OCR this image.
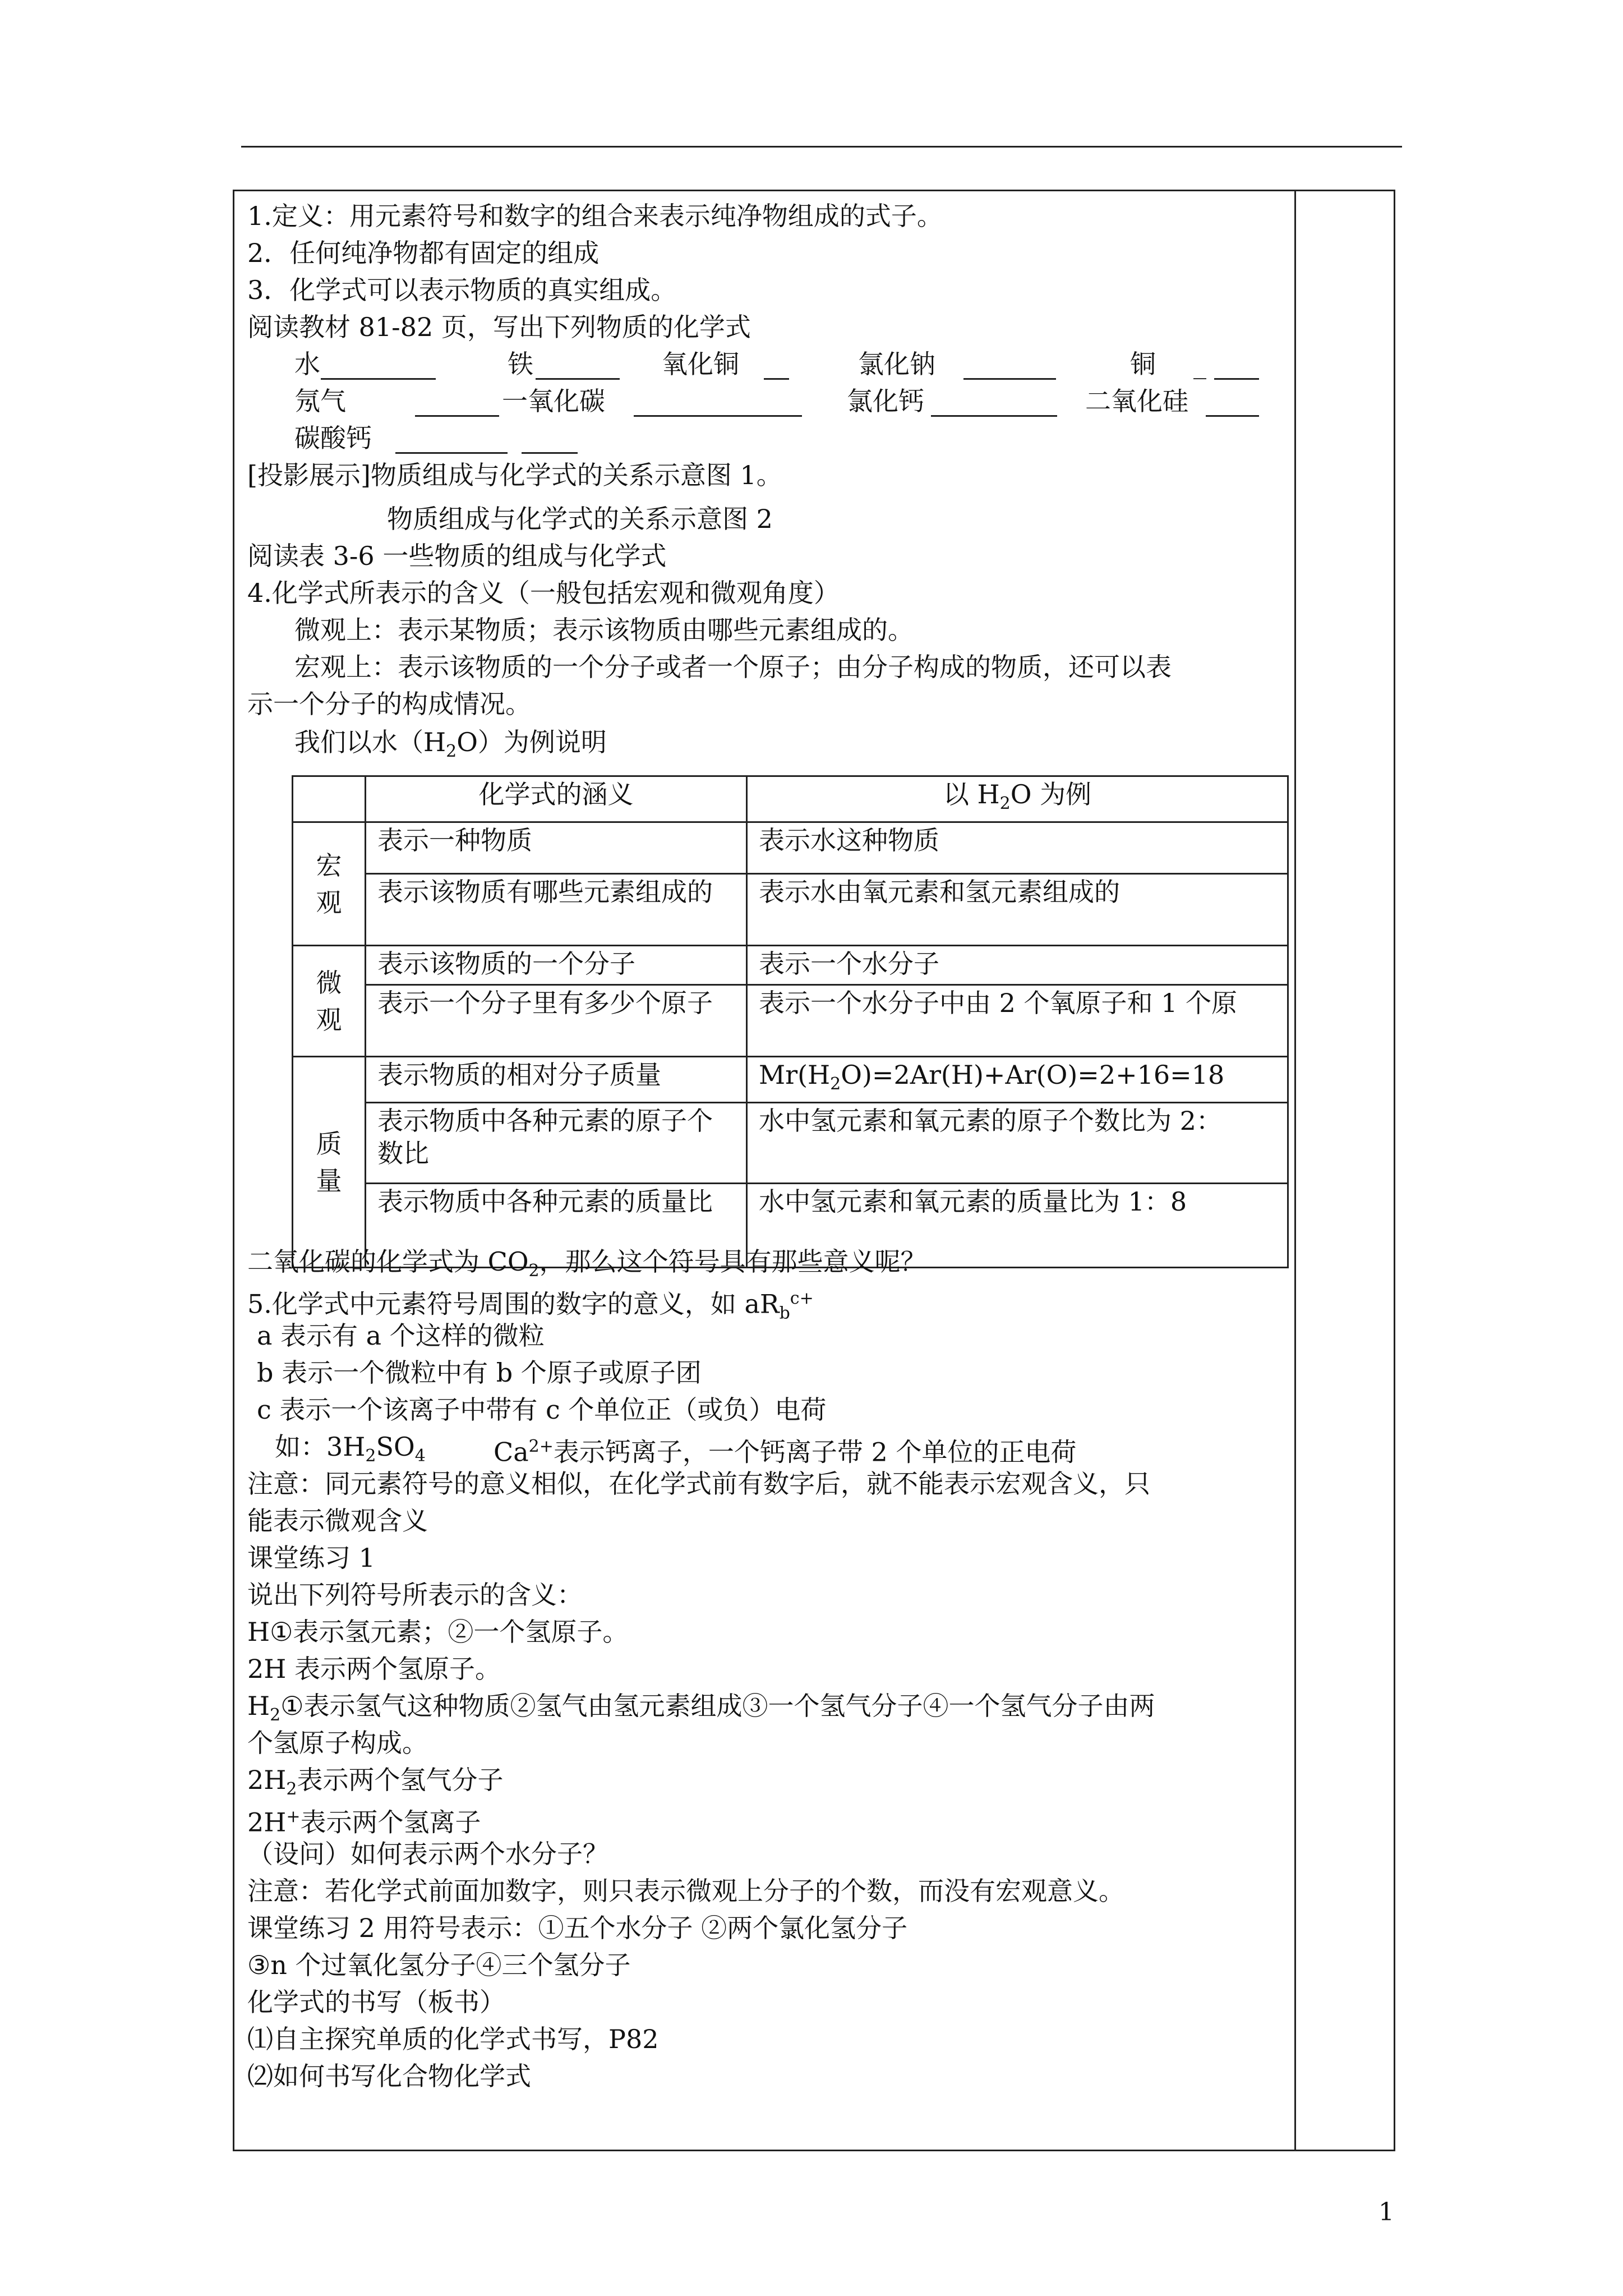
1.定义：用元素符号和数字的组合来表示纯净物组成的式子。
2．任何纯净物都有固定的组成
3．化学式可以表示物质的真实组成。
阅读教材 81-82 页，写出下列物质的化学式
水	铁	氧化铜	氯化钠	铜 _
氖气	一氧化碳	氯化钙	二氧化硅
碳酸钙
[投影展示]物质组成与化学式的关系示意图 1。
物质组成与化学式的关系示意图 2
阅读表 3-6 一些物质的组成与化学式
4.化学式所表示的含义（一般包括宏观和微观角度）
微观上：表示某物质；表示该物质由哪些元素组成的。
宏观上：表示该物质的一个分子或者一个原子；由分子构成的物质，还可以表
示一个分子的构成情况。
我们以水$(H_2O)$为例说明
	化学式的涵义	以 $H_2O$ 为例
宏观	表示一种物质	表示水这种物质
	表示该物质有哪些元素组成的	表示水由氧元素和氢元素组成的
微观	表示该物质的一个分子	表示一个水分子
	表示一个分子里有多少个原子	表示一个水分子中由 2 个氧原子和 1 个原
质量	表示物质的相对分子质量	$Mr(H_2O)=2Ar(H)+Ar(O)=2+16=18$
	表示物质中各种元素的原子个数比	水中氢元素和氧元素的原子个数比为 2：
	表示物质中各种元素的质量比	水中氢元素和氧元素的质量比为 1：8
二氧化碳的化学式为 $CO_2$，那么这个符号具有那些意义呢？
5.化学式中元素符号周围的数字的意义，如 $aR_b^{c+}$
a 表示有 a 个这样的微粒
b 表示一个微粒中有 b 个原子或原子团
c 表示一个该离子中带有 c 个单位正（或负）电荷
如：$3H_2SO_4$	$Ca^{2+}$表示钙离子，一个钙离子带 2 个单位的正电荷
注意：同元素符号的意义相似，在化学式前有数字后，就不能表示宏观含义，只
能表示微观含义
课堂练习 1
说出下列符号所表示的含义：
H①表示氢元素；②一个氢原子。
2H 表示两个氢原子。
$H_2①$表示氢气这种物质②氢气由氢元素组成③一个氢气分子④一个氢气分子由两
个氢原子构成。
$2H_2$表示两个氢气分子
2H+表示两个氢离子
（设问）如何表示两个水分子？
注意：若化学式前面加数字，则只表示微观上分子的个数，而没有宏观意义。
课堂练习 2 用符号表示：①五个水分子 ②两个氯化氢分子
③n 个过氧化氢分子④三个氢分子
化学式的书写（板书）
⑴自主探究单质的化学式书写，P82
⑵如何书写化合物化学式
1
